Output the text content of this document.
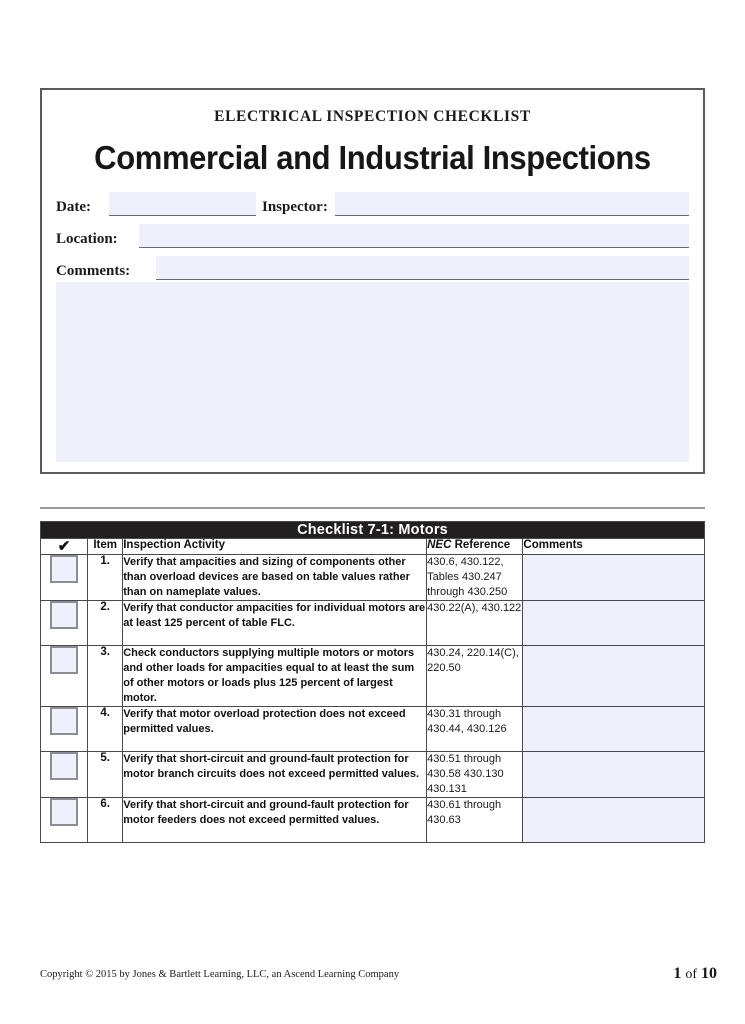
ELECTRICAL INSPECTION CHECKLIST
Commercial and Industrial Inspections
Date:	Inspector:
Location:
Comments:
Checklist 7-1: Motors				
✔	Item	Inspection Activity	NEC Reference	Comments
	1.	Verify that ampacities and sizing of components other than overload devices are based on table values rather than on nameplate values.	430.6, 430.122, Tables 430.247 through 430.250	

	2.	Verify that conductor ampacities for individual motors are at least 125 percent of table FLC.	430.22(A), 430.122	

	3.	Check conductors supplying multiple motors or motors and other loads for ampacities equal to at least the sum of other motors or loads plus 125 percent of largest motor.	430.24, 220.14(C), 220.50	

	4.	Verify that motor overload protection does not exceed permitted values.	430.31 through 430.44, 430.126	

	5.	Verify that short-circuit and ground-fault protection for motor branch circuits does not exceed permitted values.	430.51 through 430.58 430.130 430.131	

	6.	Verify that short-circuit and ground-fault protection for motor feeders does not exceed permitted values.	430.61 through 430.63	
Copyright © 2015 by Jones & Bartlett Learning, LLC, an Ascend Learning Company	1 of 10
